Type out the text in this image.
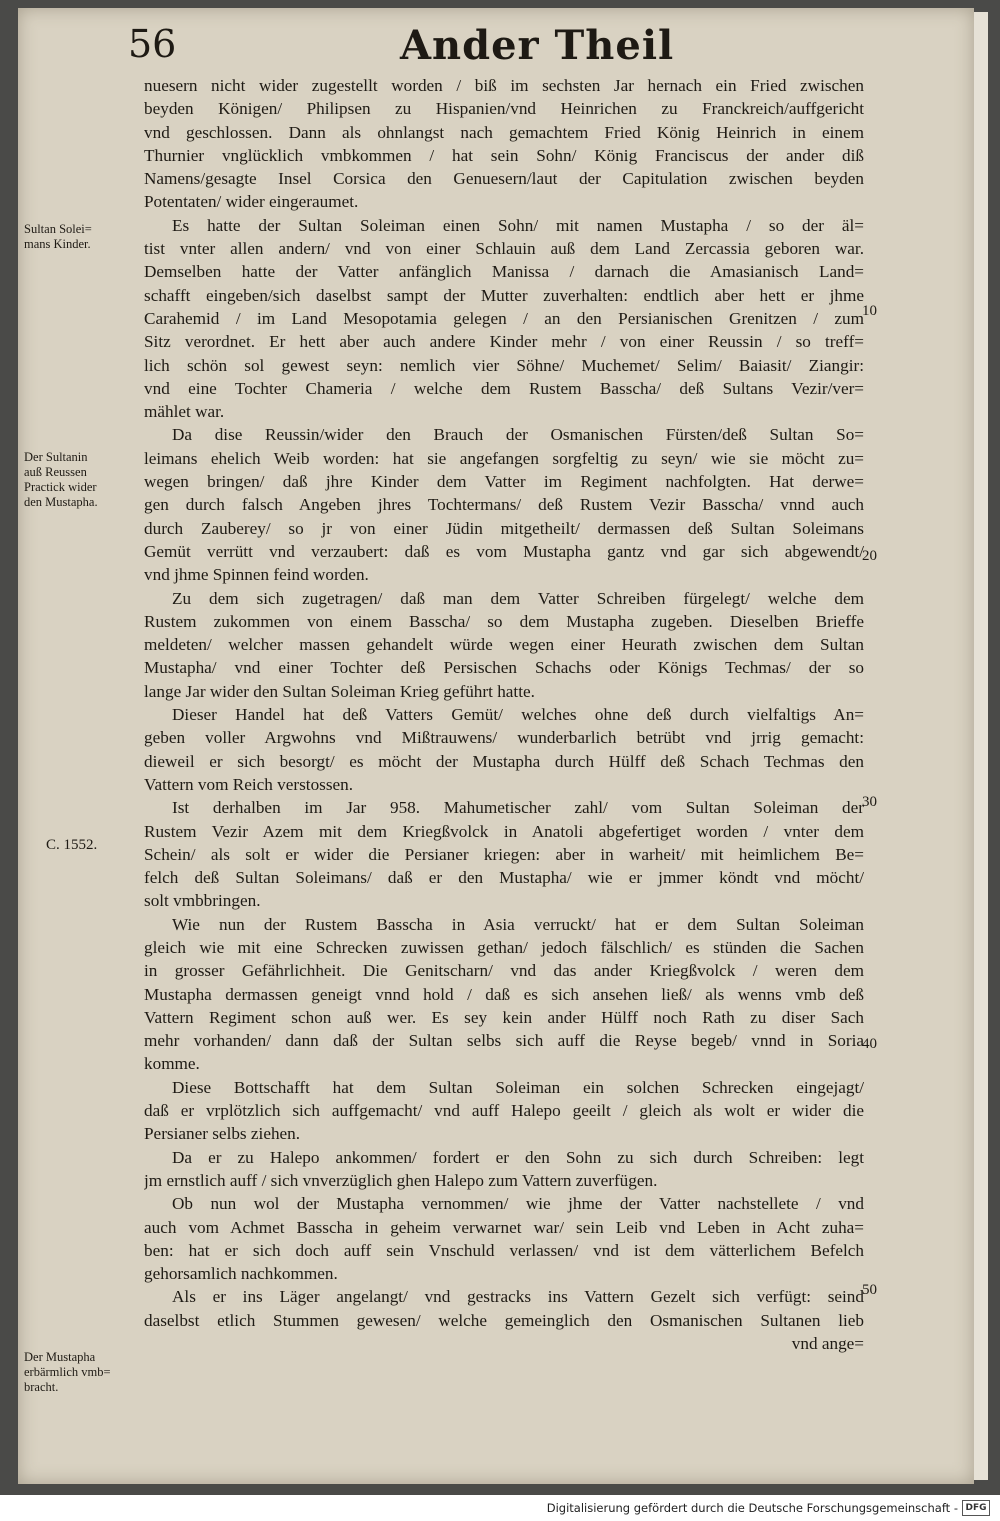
56	Ander Theil
nuesern nicht wider zugestellt worden / biß im sechsten Jar hernach ein Fried zwischen
beyden Königen/ Philipsen zu Hispanien/vnd Heinrichen zu Franckreich/auffgericht
vnd geschlossen. Dann als ohnlangst nach gemachtem Fried König Heinrich in einem
Thurnier vnglücklich vmbkommen / hat sein Sohn/ König Franciscus der ander diß
Namens/gesagte Insel Corsica den Genuesern/laut der Capitulation zwischen beyden
Potentaten/ wider eingeraumet.
Es hatte der Sultan Soleiman einen Sohn/ mit namen Mustapha / so der äl=
tist vnter allen andern/ vnd von einer Schlauin auß dem Land Zercassia geboren war.
Demselben hatte der Vatter anfänglich Manissa / darnach die Amasianisch Land=
schafft eingeben/sich daselbst sampt der Mutter zuverhalten: endtlich aber hett er jhme
Carahemid / im Land Mesopotamia gelegen / an den Persianischen Grenitzen / zum
Sitz verordnet. Er hett aber auch andere Kinder mehr / von einer Reussin / so treff=
lich schön sol gewest seyn: nemlich vier Söhne/ Muchemet/ Selim/ Baiasit/ Ziangir:
vnd eine Tochter Chameria / welche dem Rustem Basscha/ deß Sultans Vezir/ver=
mählet war.
Da dise Reussin/wider den Brauch der Osmanischen Fürsten/deß Sultan So=
leimans ehelich Weib worden: hat sie angefangen sorgfeltig zu seyn/ wie sie möcht zu=
wegen bringen/ daß jhre Kinder dem Vatter im Regiment nachfolgten. Hat derwe=
gen durch falsch Angeben jhres Tochtermans/ deß Rustem Vezir Basscha/ vnnd auch
durch Zauberey/ so jr von einer Jüdin mitgetheilt/ dermassen deß Sultan Soleimans
Gemüt verrütt vnd verzaubert: daß es vom Mustapha gantz vnd gar sich abgewendt/
vnd jhme Spinnen feind worden.
Zu dem sich zugetragen/ daß man dem Vatter Schreiben fürgelegt/ welche dem
Rustem zukommen von einem Basscha/ so dem Mustapha zugeben. Dieselben Brieffe
meldeten/ welcher massen gehandelt würde wegen einer Heurath zwischen dem Sultan
Mustapha/ vnd einer Tochter deß Persischen Schachs oder Königs Techmas/ der so
lange Jar wider den Sultan Soleiman Krieg geführt hatte.
Dieser Handel hat deß Vatters Gemüt/ welches ohne deß durch vielfaltigs An=
geben voller Argwohns vnd Mißtrauwens/ wunderbarlich betrübt vnd jrrig gemacht:
dieweil er sich besorgt/ es möcht der Mustapha durch Hülff deß Schach Techmas den
Vattern vom Reich verstossen.
Ist derhalben im Jar 958. Mahumetischer zahl/ vom Sultan Soleiman der
Rustem Vezir Azem mit dem Kriegßvolck in Anatoli abgefertiget worden / vnter dem
Schein/ als solt er wider die Persianer kriegen: aber in warheit/ mit heimlichem Be=
felch deß Sultan Soleimans/ daß er den Mustapha/ wie er jmmer köndt vnd möcht/
solt vmbbringen.
Wie nun der Rustem Basscha in Asia verruckt/ hat er dem Sultan Soleiman
gleich wie mit eine Schrecken zuwissen gethan/ jedoch fälschlich/ es stünden die Sachen
in grosser Gefährlichheit. Die Genitscharn/ vnd das ander Kriegßvolck / weren dem
Mustapha dermassen geneigt vnnd hold / daß es sich ansehen ließ/ als wenns vmb deß
Vattern Regiment schon auß wer. Es sey kein ander Hülff noch Rath zu diser Sach
mehr vorhanden/ dann daß der Sultan selbs sich auff die Reyse begeb/ vnnd in Soria
komme.
Diese Bottschafft hat dem Sultan Soleiman ein solchen Schrecken eingejagt/
daß er vrplötzlich sich auffgemacht/ vnd auff Halepo geeilt / gleich als wolt er wider die
Persianer selbs ziehen.
Da er zu Halepo ankommen/ fordert er den Sohn zu sich durch Schreiben: legt
jm ernstlich auff / sich vnverzüglich ghen Halepo zum Vattern zuverfügen.
Ob nun wol der Mustapha vernommen/ wie jhme der Vatter nachstellete / vnd
auch vom Achmet Basscha in geheim verwarnet war/ sein Leib vnd Leben in Acht zuha=
ben: hat er sich doch auff sein Vnschuld verlassen/ vnd ist dem vätterlichem Befelch
gehorsamlich nachkommen.
Als er ins Läger angelangt/ vnd gestracks ins Vattern Gezelt sich verfügt: seind
daselbst etlich Stummen gewesen/ welche gemeinglich den Osmanischen Sultanen lieb
vnd ange=
Sultan Solei=
mans Kinder.
Der Sultanin
auß Reussen
Practick wider
den Mustapha.
C. 1552.
Der Mustapha
erbärmlich vmb=
bracht.
10
20
30
40
50
Digitalisierung gefördert durch die Deutsche Forschungsgemeinschaft - DFG
